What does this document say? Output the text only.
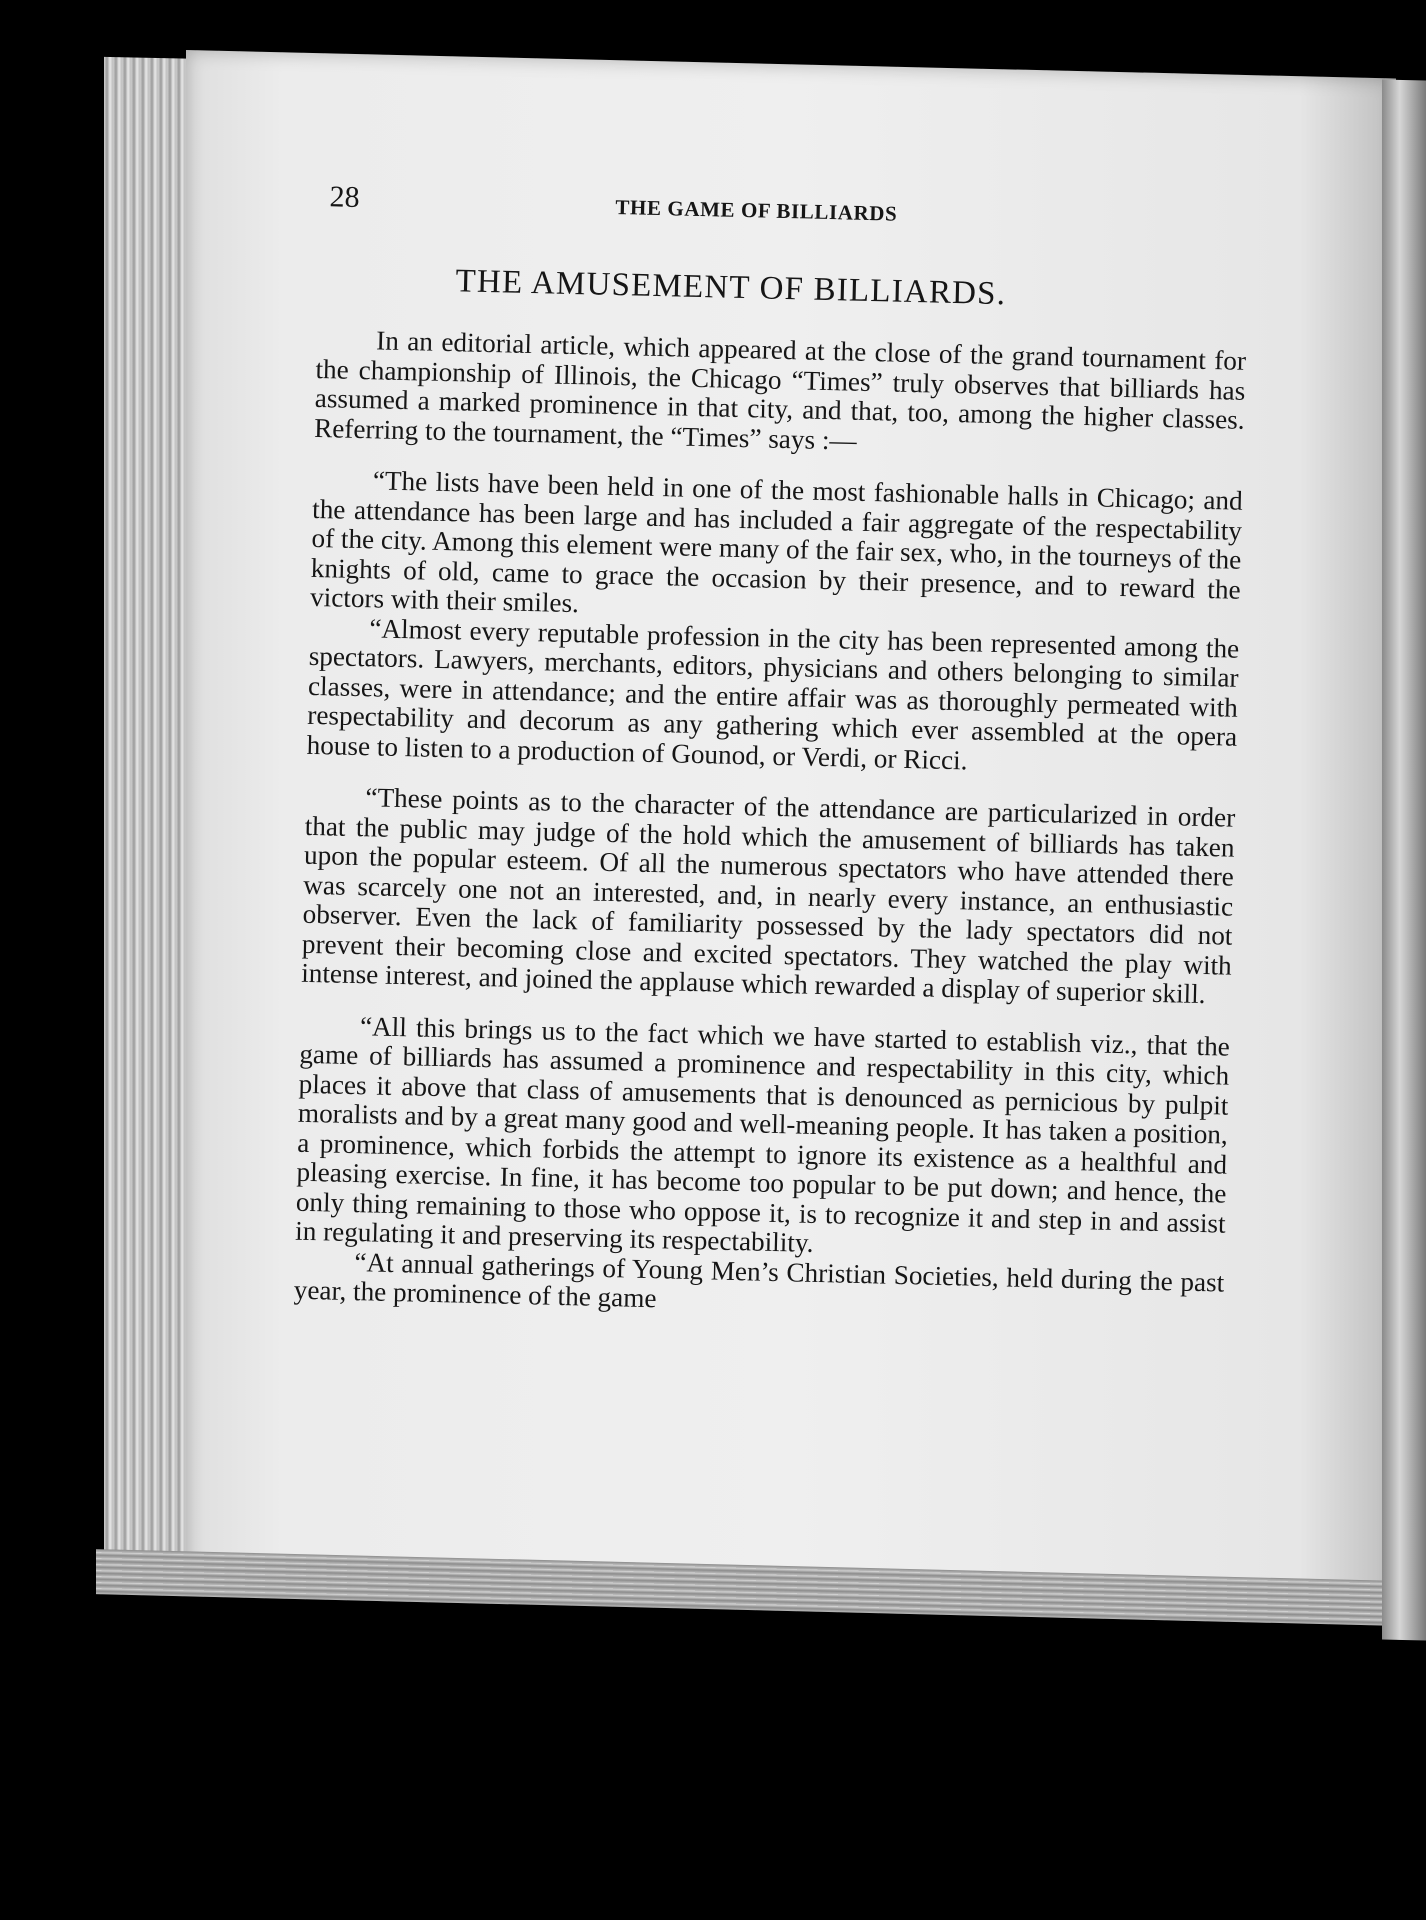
28	THE GAME OF BILLIARDS
THE AMUSEMENT OF BILLIARDS.

In an editorial article, which appeared at the close of the grand tournament for the championship of Illinois, the Chicago “Times” truly observes that billiards has assumed a marked prominence in that city, and that, too, among the higher classes. Referring to the tournament, the “Times” says :—

“The lists have been held in one of the most fashionable halls in Chicago; and the attendance has been large and has included a fair aggregate of the respectability of the city. Among this element were many of the fair sex, who, in the tourneys of the knights of old, came to grace the occasion by their presence, and to reward the victors with their smiles.

“Almost every reputable profession in the city has been represented among the spectators. Lawyers, merchants, editors, physicians and others belonging to similar classes, were in attendance; and the entire affair was as thoroughly permeated with respectability and decorum as any gathering which ever assembled at the opera house to listen to a production of Gounod, or Verdi, or Ricci.

“These points as to the character of the attendance are particularized in order that the public may judge of the hold which the amusement of billiards has taken upon the popular esteem. Of all the numerous spectators who have attended there was scarcely one not an interested, and, in nearly every instance, an enthusiastic observer. Even the lack of familiarity possessed by the lady spectators did not prevent their becoming close and excited spectators. They watched the play with intense interest, and joined the applause which rewarded a display of superior skill.

“All this brings us to the fact which we have started to establish viz., that the game of billiards has assumed a prominence and respectability in this city, which places it above that class of amusements that is denounced as pernicious by pulpit moralists and by a great many good and well-meaning people. It has taken a position, a prominence, which forbids the attempt to ignore its existence as a healthful and pleasing exercise. In fine, it has become too popular to be put down; and hence, the only thing remaining to those who oppose it, is to recognize it and step in and assist in regulating it and preserving its respectability.

“At annual gatherings of Young Men’s Christian Societies, held during the past year, the prominence of the game
